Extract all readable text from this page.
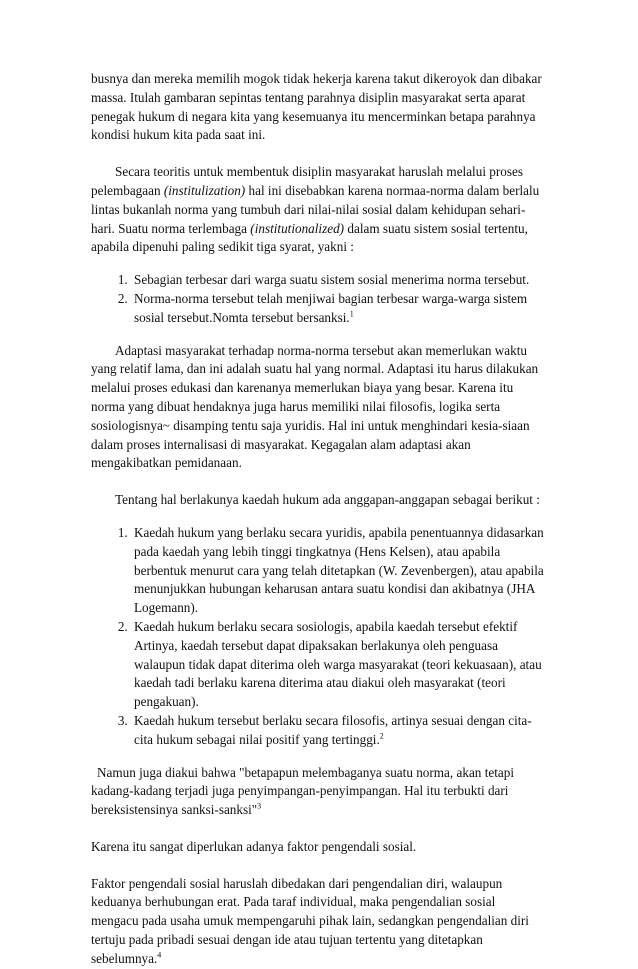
busnya dan mereka memilih mogok tidak hekerja karena takut dikeroyok dan dibakar massa. Itulah gambaran sepintas tentang parahnya disiplin masyarakat serta aparat penegak hukum di negara kita yang kesemuanya itu mencerminkan betapa parahnya kondisi hukum kita pada saat ini.

Secara teoritis untuk membentuk disiplin masyarakat haruslah melalui proses pelembagaan (institulization) hal ini disebabkan karena normaa-norma dalam berlalu lintas bukanlah norma yang tumbuh dari nilai-nilai sosial dalam kehidupan sehari-hari. Suatu norma terlembaga (institutionalized) dalam suatu sistem sosial tertentu, apabila dipenuhi paling sedikit tiga syarat, yakni :

1. Sebagian terbesar dari warga suatu sistem sosial menerima norma tersebut.
2. Norma-norma tersebut telah menjiwai bagian terbesar warga-warga sistem sosial tersebut.Nomta tersebut bersanksi.$^1$

Adaptasi masyarakat terhadap norma-norma tersebut akan memerlukan waktu yang relatif lama, dan ini adalah suatu hal yang normal. Adaptasi itu harus dilakukan melalui proses edukasi dan karenanya memerlukan biaya yang besar. Karena itu norma yang dibuat hendaknya juga harus memiliki nilai filosofis, logika serta sosiologisnya~ disamping tentu saja yuridis. Hal ini untuk menghindari kesia-siaan dalam proses internalisasi di masyarakat. Kegagalan alam adaptasi akan mengakibatkan pemidanaan.

Tentang hal berlakunya kaedah hukum ada anggapan-anggapan sebagai berikut :

1. Kaedah hukum yang berlaku secara yuridis, apabila penentuannya didasarkan pada kaedah yang lebih tinggi tingkatnya (Hens Kelsen), atau apabila berbentuk menurut cara yang telah ditetapkan (W. Zevenbergen), atau apabila menunjukkan hubungan keharusan antara suatu kondisi dan akibatnya (JHA Logemann).
2. Kaedah hukum berlaku secara sosiologis, apabila kaedah tersebut efektif Artinya, kaedah tersebut dapat dipaksakan berlakunya oleh penguasa walaupun tidak dapat diterima oleh warga masyarakat (teori kekuasaan), atau kaedah tadi berlaku karena diterima atau diakui oleh masyarakat (teori pengakuan).
3. Kaedah hukum tersebut berlaku secara filosofis, artinya sesuai dengan cita-cita hukum sebagai nilai positif yang tertinggi.$^2$

Namun juga diakui bahwa "betapapun melembaganya suatu norma, akan tetapi kadang-kadang terjadi juga penyimpangan-penyimpangan. Hal itu terbukti dari bereksistensinya sanksi-sanksi"$^3$

Karena itu sangat diperlukan adanya faktor pengendali sosial.

Faktor pengendali sosial haruslah dibedakan dari pengendalian diri, walaupun keduanya berhubungan erat. Pada taraf individual, maka pengendalian sosial mengacu pada usaha umuk mempengaruhi pihak lain, sedangkan pengendalian diri tertuju pada pribadi sesuai dengan ide atau tujuan tertentu yang ditetapkan sebelumnya.$^4$
